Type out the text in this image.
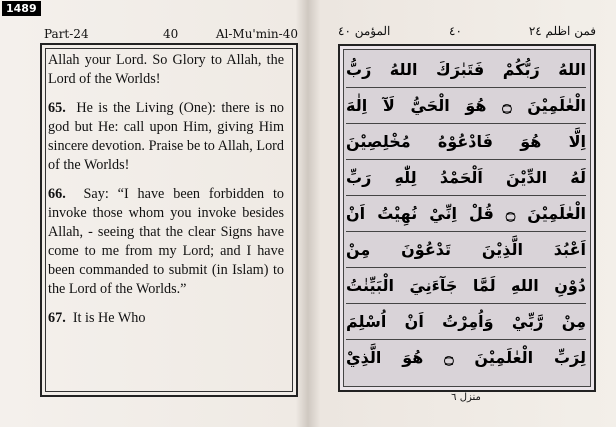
1489
Part-24	40	Al-Mu'min-40

Allah your Lord. So Glory to Allah, the Lord of the Worlds!

65. He is the Living (One): there is no god but He: call upon Him, giving Him sincere devotion. Praise be to Allah, Lord of the Worlds!

66. Say: “I have been forbidden to invoke those whom you invoke besides Allah, - seeing that the clear Signs have come to me from my Lord; and I have been commanded to submit (in Islam) to the Lord of the Worlds.”

67. It is He Who

المؤمن ٤٠	٤٠	فمن اظلم ٢٤
اللهُ رَبُّكُمْ فَتَبٰرَكَ اللهُ رَبُّ
الْعٰلَمِيْنَ ۝ هُوَ الْحَيُّ لَآ اِلٰهَ
اِلَّا هُوَ فَادْعُوْهُ مُخْلِصِيْنَ
لَهُ الدِّيْنَ اَلْحَمْدُ لِلّٰهِ رَبِّ
الْعٰلَمِيْنَ ۝ قُلْ اِنِّيْ نُهِيْتُ اَنْ
اَعْبُدَ الَّذِيْنَ تَدْعُوْنَ مِنْ
دُوْنِ اللهِ لَمَّا جَآءَنِيَ الْبَيِّنٰتُ
مِنْ رَّبِّيْ وَاُمِرْتُ اَنْ اُسْلِمَ
لِرَبِّ الْعٰلَمِيْنَ ۝ هُوَ الَّذِيْ
منزل ٦
